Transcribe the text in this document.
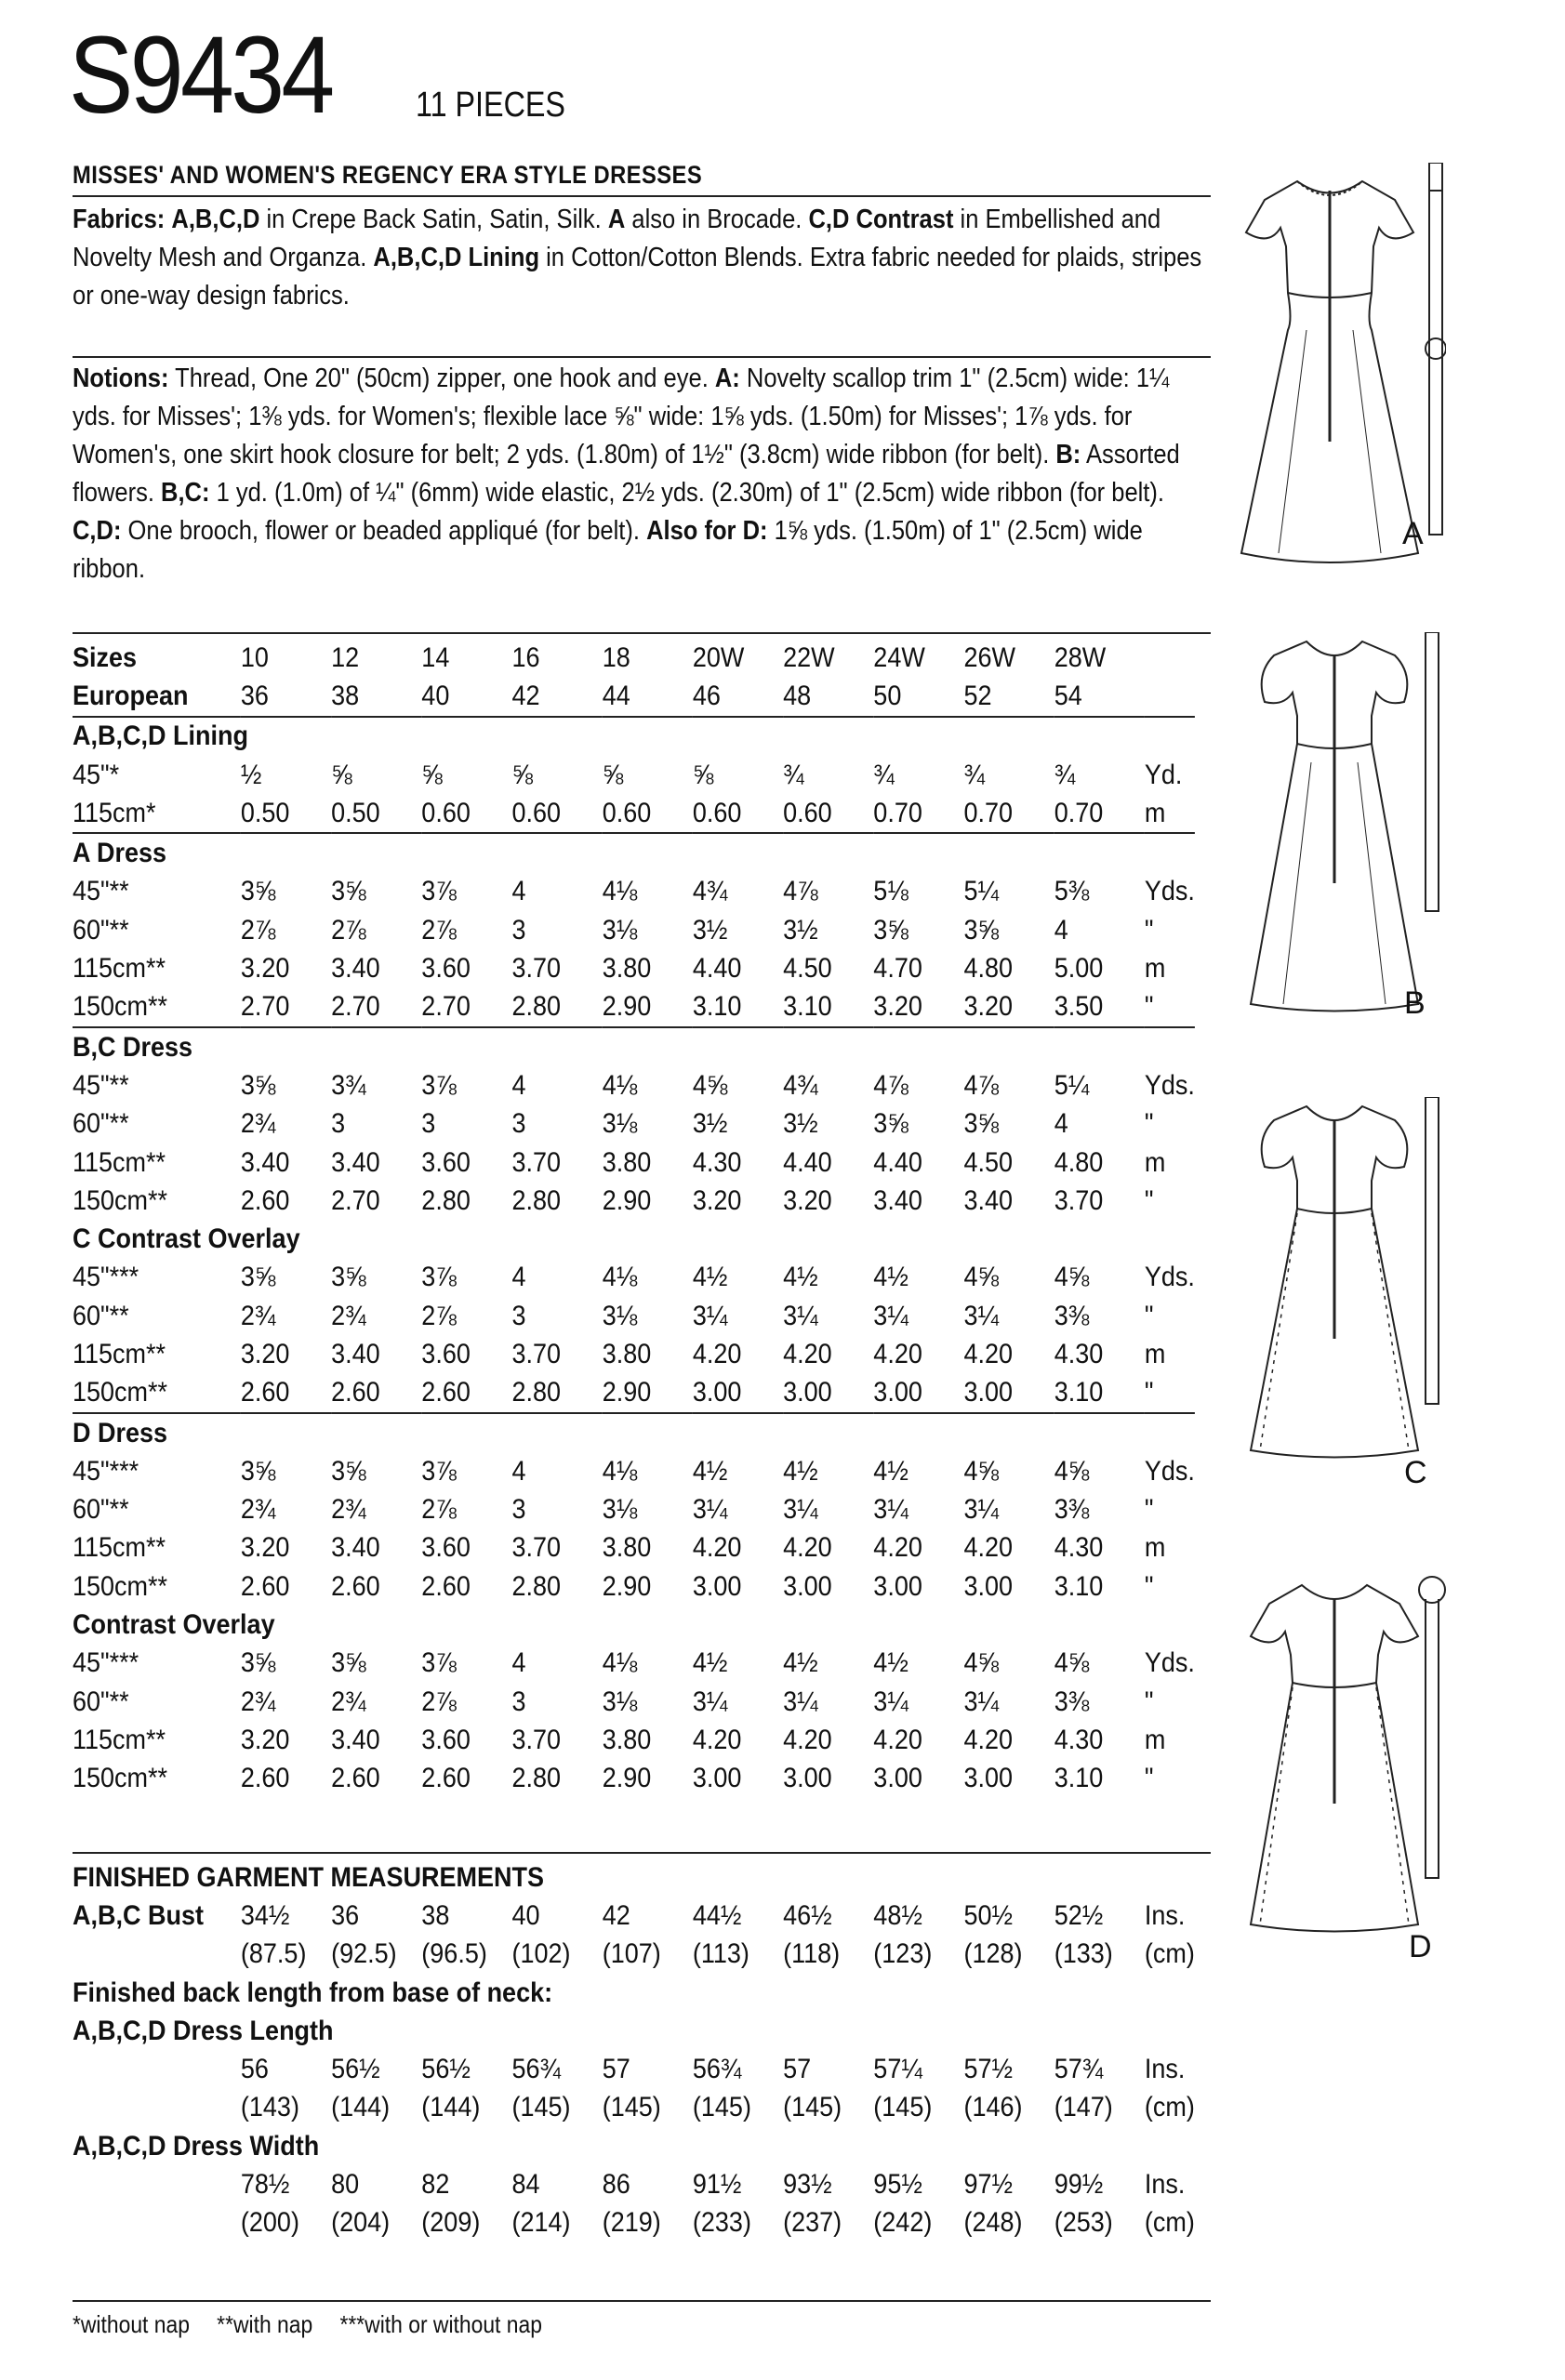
S9434 11 PIECES
MISSES' AND WOMEN'S REGENCY ERA STYLE DRESSES
Fabrics: A,B,C,D in Crepe Back Satin, Satin, Silk. A also in Brocade. C,D Contrast in Embellished and Novelty Mesh and Organza. A,B,C,D Lining in Cotton/Cotton Blends. Extra fabric needed for plaids, stripes or one-way design fabrics.
Notions: Thread, One 20" (50cm) zipper, one hook and eye. A: Novelty scallop trim 1" (2.5cm) wide: 1¼ yds. for Misses'; 1⅜ yds. for Women's; flexible lace ⅝" wide: 1⅝ yds. (1.50m) for Misses'; 1⅞ yds. for Women's, one skirt hook closure for belt; 2 yds. (1.80m) of 1½" (3.8cm) wide ribbon (for belt). B: Assorted flowers. B,C: 1 yd. (1.0m) of ¼" (6mm) wide elastic, 2½ yds. (2.30m) of 1" (2.5cm) wide ribbon (for belt). C,D: One brooch, flower or beaded appliqué (for belt). Also for D: 1⅝ yds. (1.50m) of 1" (2.5cm) wide ribbon.
Sizes	10	12	14	16	18	20W	22W	24W	26W	28W	
European	36	38	40	42	44	46	48	50	52	54	
A,B,C,D Lining											
45"*	½	⅝	⅝	⅝	⅝	⅝	¾	¾	¾	¾	Yd.
115cm*	0.50	0.50	0.60	0.60	0.60	0.60	0.60	0.70	0.70	0.70	m
A Dress											
45"**	3⅝	3⅝	3⅞	4	4⅛	4¾	4⅞	5⅛	5¼	5⅜	Yds.
60"**	2⅞	2⅞	2⅞	3	3⅛	3½	3½	3⅝	3⅝	4	"
115cm**	3.20	3.40	3.60	3.70	3.80	4.40	4.50	4.70	4.80	5.00	m
150cm**	2.70	2.70	2.70	2.80	2.90	3.10	3.10	3.20	3.20	3.50	"
B,C Dress											
45"**	3⅝	3¾	3⅞	4	4⅛	4⅝	4¾	4⅞	4⅞	5¼	Yds.
60"**	2¾	3	3	3	3⅛	3½	3½	3⅝	3⅝	4	"
115cm**	3.40	3.40	3.60	3.70	3.80	4.30	4.40	4.40	4.50	4.80	m
150cm**	2.60	2.70	2.80	2.80	2.90	3.20	3.20	3.40	3.40	3.70	"
C Contrast Overlay											
45"***	3⅝	3⅝	3⅞	4	4⅛	4½	4½	4½	4⅝	4⅝	Yds.
60"**	2¾	2¾	2⅞	3	3⅛	3¼	3¼	3¼	3¼	3⅜	"
115cm**	3.20	3.40	3.60	3.70	3.80	4.20	4.20	4.20	4.20	4.30	m
150cm**	2.60	2.60	2.60	2.80	2.90	3.00	3.00	3.00	3.00	3.10	"
D Dress											
45"***	3⅝	3⅝	3⅞	4	4⅛	4½	4½	4½	4⅝	4⅝	Yds.
60"**	2¾	2¾	2⅞	3	3⅛	3¼	3¼	3¼	3¼	3⅜	"
115cm**	3.20	3.40	3.60	3.70	3.80	4.20	4.20	4.20	4.20	4.30	m
150cm**	2.60	2.60	2.60	2.80	2.90	3.00	3.00	3.00	3.00	3.10	"
Contrast Overlay											
45"***	3⅝	3⅝	3⅞	4	4⅛	4½	4½	4½	4⅝	4⅝	Yds.
60"**	2¾	2¾	2⅞	3	3⅛	3¼	3¼	3¼	3¼	3⅜	"
115cm**	3.20	3.40	3.60	3.70	3.80	4.20	4.20	4.20	4.20	4.30	m
150cm**	2.60	2.60	2.60	2.80	2.90	3.00	3.00	3.00	3.00	3.10	"
FINISHED GARMENT MEASUREMENTS											
A,B,C Bust	34½	36	38	40	42	44½	46½	48½	50½	52½	Ins.
	(87.5)	(92.5)	(96.5)	(102)	(107)	(113)	(118)	(123)	(128)	(133)	(cm)
Finished back length from base of neck:											
A,B,C,D Dress Length											
	56	56½	56½	56¾	57	56¾	57	57¼	57½	57¾	Ins.
	(143)	(144)	(144)	(145)	(145)	(145)	(145)	(145)	(146)	(147)	(cm)
A,B,C,D Dress Width											
	78½	80	82	84	86	91½	93½	95½	97½	99½	Ins.
	(200)	(204)	(209)	(214)	(219)	(233)	(237)	(242)	(248)	(253)	(cm)
*without nap **with nap ***with or without nap
A
B
C
D
